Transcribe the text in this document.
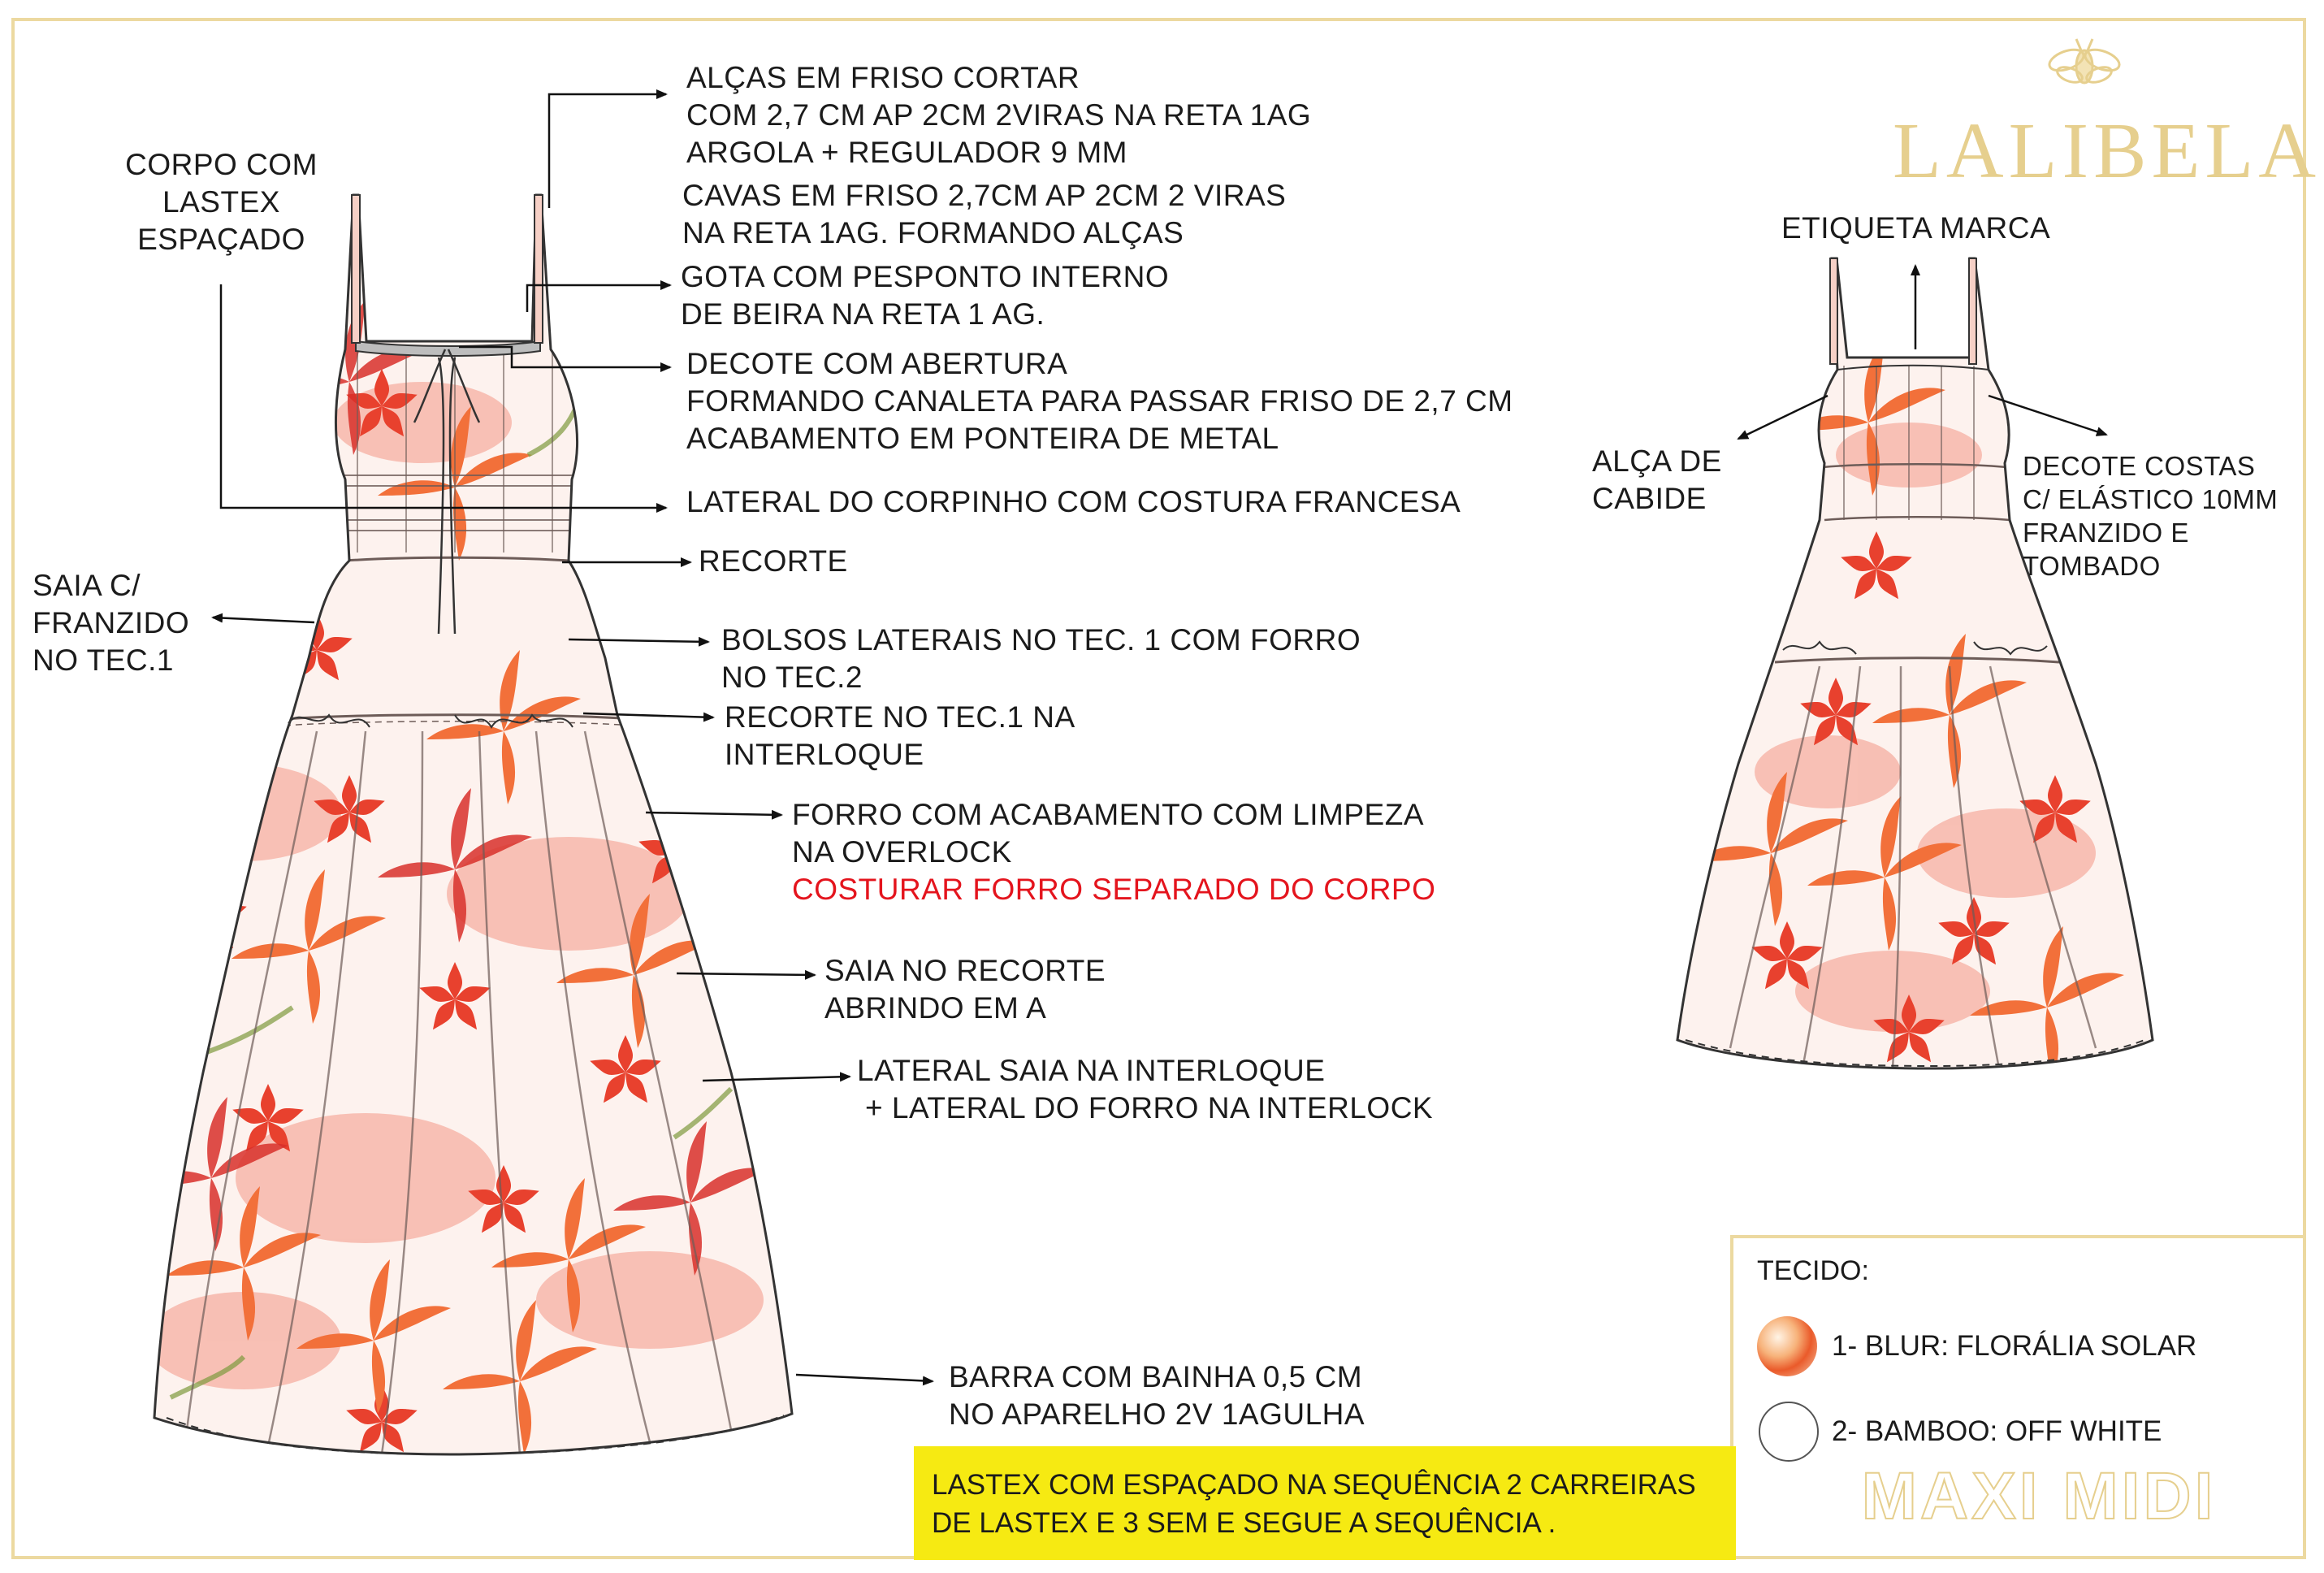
LALIBELA
ALÇAS EM FRISO CORTAR
COM 2,7 CM AP 2CM 2VIRAS NA RETA 1AG
ARGOLA + REGULADOR 9 MM
CAVAS EM FRISO 2,7CM AP 2CM 2 VIRAS
NA RETA 1AG. FORMANDO ALÇAS
GOTA COM PESPONTO INTERNO
DE BEIRA NA RETA 1 AG.
DECOTE COM ABERTURA
FORMANDO CANALETA PARA PASSAR FRISO DE 2,7 CM
ACABAMENTO EM PONTEIRA DE METAL
LATERAL DO CORPINHO COM COSTURA FRANCESA
RECORTE
BOLSOS LATERAIS NO TEC. 1 COM FORRO
NO TEC.2
RECORTE NO TEC.1 NA
INTERLOQUE
FORRO COM ACABAMENTO COM LIMPEZA
NA OVERLOCK
COSTURAR FORRO SEPARADO DO CORPO
SAIA NO RECORTE
ABRINDO EM A
LATERAL SAIA NA INTERLOQUE
+ LATERAL DO FORRO NA INTERLOCK
BARRA COM BAINHA 0,5 CM
NO APARELHO 2V 1AGULHA
CORPO COM
LASTEX
ESPAÇADO
SAIA C/
FRANZIDO
NO TEC.1
ETIQUETA MARCA
ALÇA DE
CABIDE
DECOTE COSTAS
C/ ELÁSTICO 10MM
FRANZIDO E
TOMBADO
TECIDO:
1- BLUR: FLORÁLIA SOLAR
2- BAMBOO: OFF WHITE
MAXI MIDI
LASTEX COM ESPAÇADO NA SEQUÊNCIA 2 CARREIRAS
DE LASTEX E 3 SEM E SEGUE A SEQUÊNCIA .
